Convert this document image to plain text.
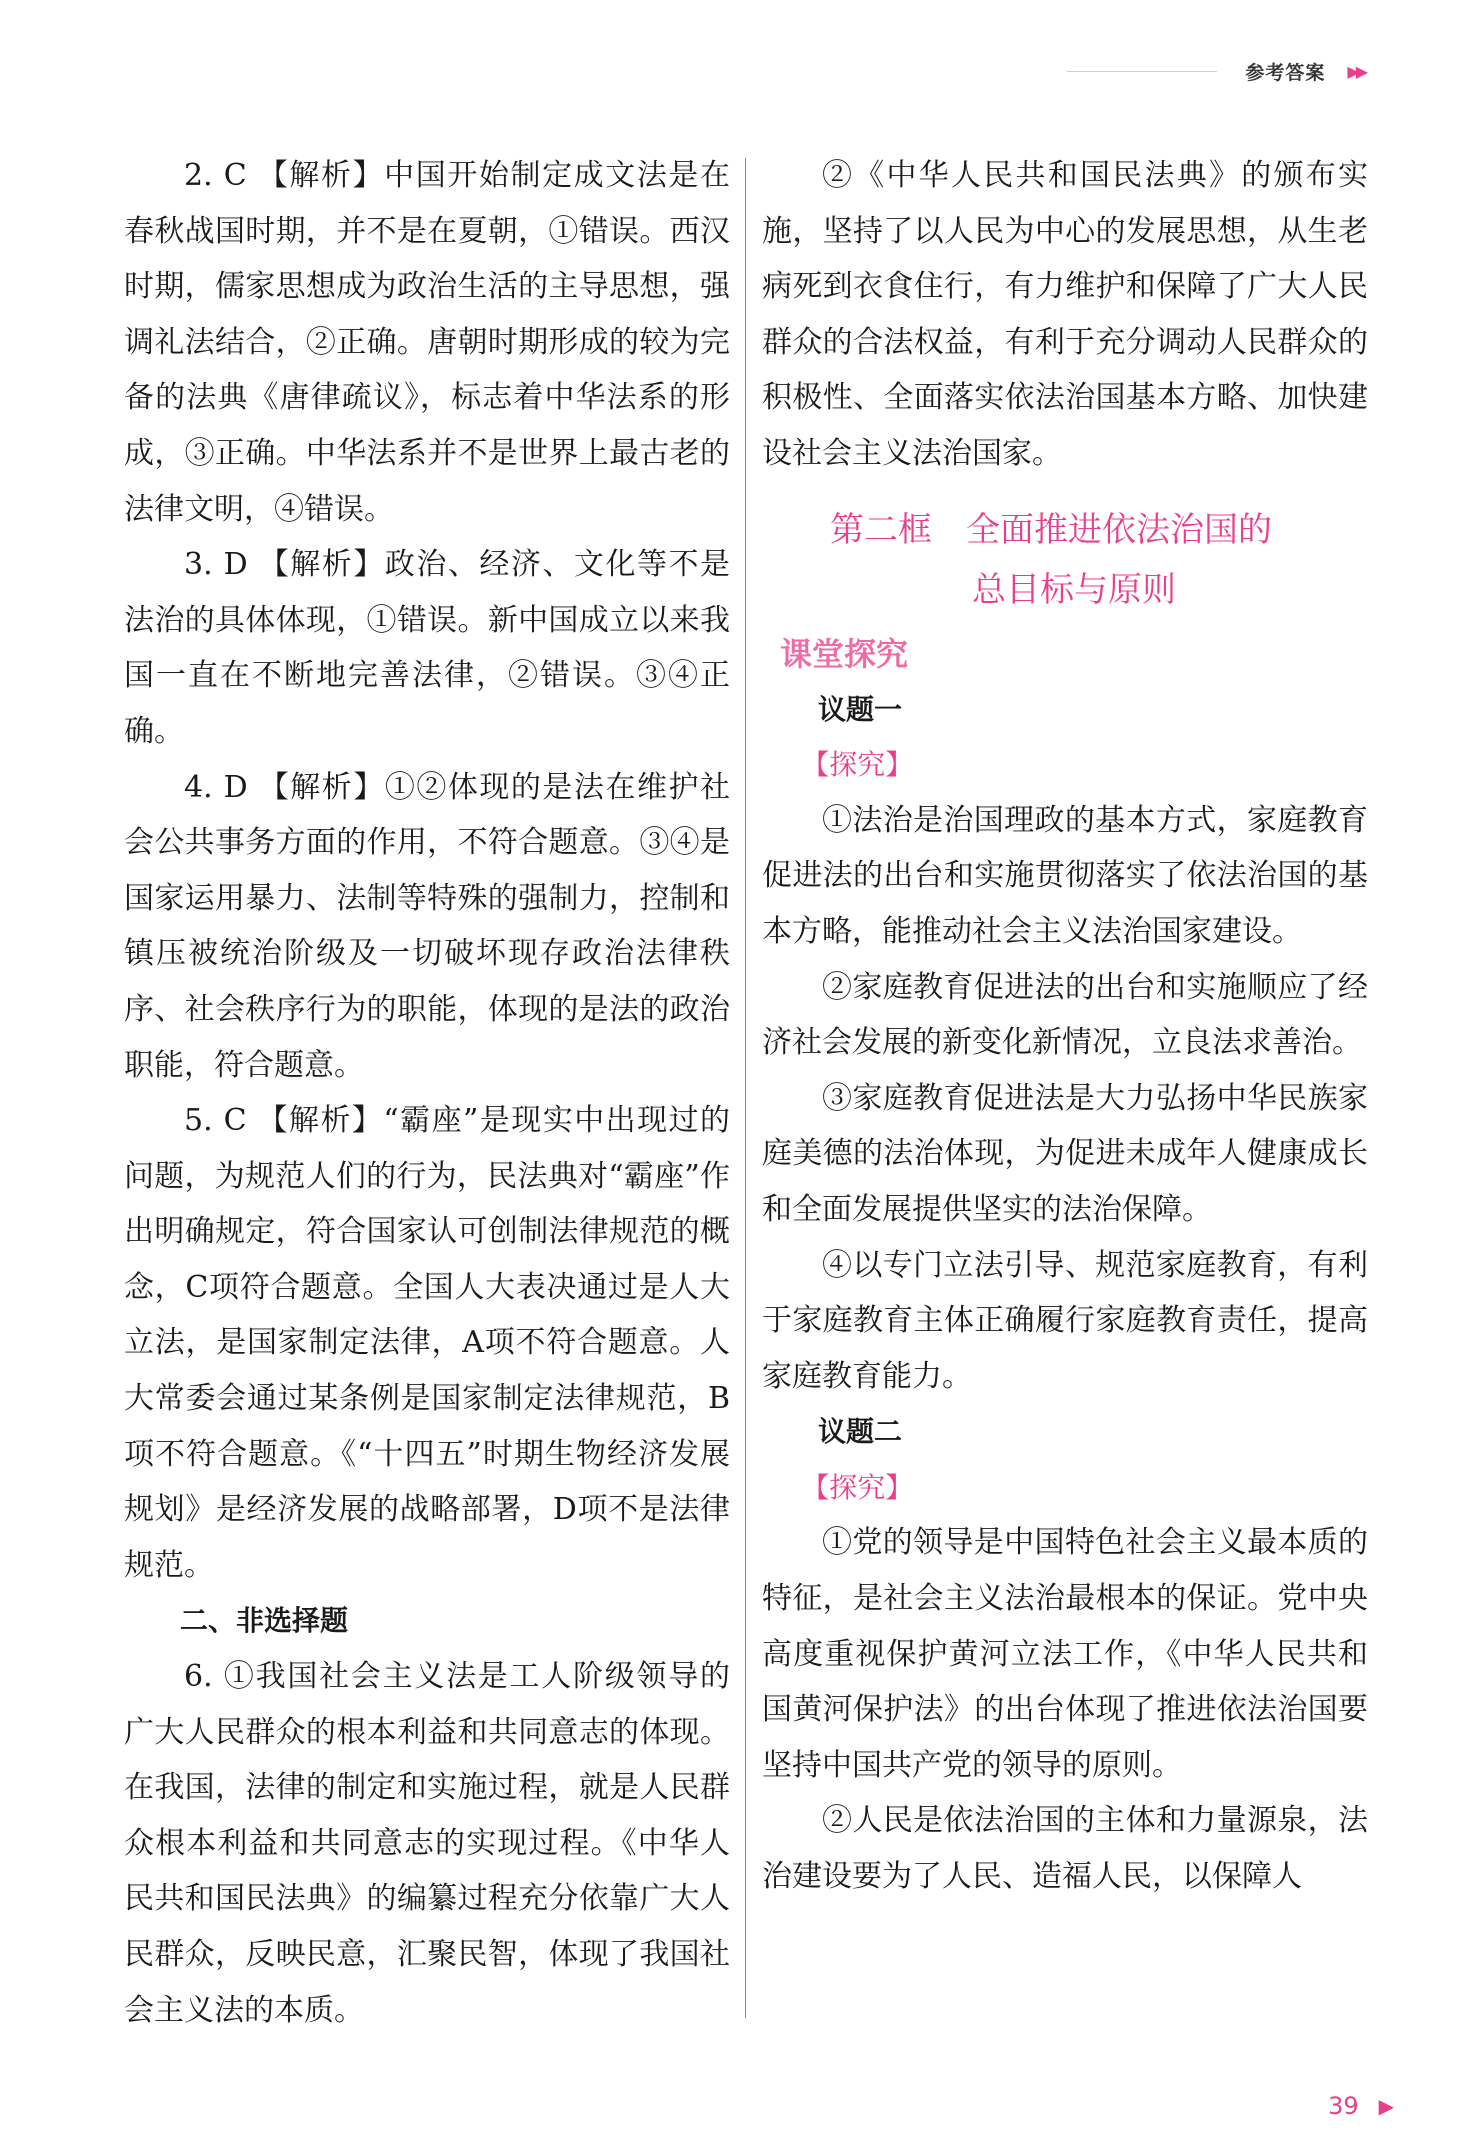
参考答案 ▶▶

2. C 【解析】中国开始制定成文法是在春秋战国时期，并不是在夏朝，①错误。西汉时期，儒家思想成为政治生活的主导思想，强调礼法结合，②正确。唐朝时期形成的较为完备的法典《唐律疏议》，标志着中华法系的形成，③正确。中华法系并不是世界上最古老的法律文明，④错误。

3. D 【解析】政治、经济、文化等不是法治的具体体现，①错误。新中国成立以来我国一直在不断地完善法律，②错误。③④正确。

4. D 【解析】①②体现的是法在维护社会公共事务方面的作用，不符合题意。③④是国家运用暴力、法制等特殊的强制力，控制和镇压被统治阶级及一切破坏现存政治法律秩序、社会秩序行为的职能，体现的是法的政治职能，符合题意。

5. C 【解析】“霸座”是现实中出现过的问题，为规范人们的行为，民法典对“霸座”作出明确规定，符合国家认可创制法律规范的概念，C项符合题意。全国人大表决通过是人大立法，是国家制定法律，A项不符合题意。人大常委会通过某条例是国家制定法律规范，B项不符合题意。《“十四五”时期生物经济发展规划》是经济发展的战略部署，D项不是法律规范。

二、非选择题

6. ①我国社会主义法是工人阶级领导的广大人民群众的根本利益和共同意志的体现。在我国，法律的制定和实施过程，就是人民群众根本利益和共同意志的实现过程。《中华人民共和国民法典》的编纂过程充分依靠广大人民群众，反映民意，汇聚民智，体现了我国社会主义法的本质。

②《中华人民共和国民法典》的颁布实施，坚持了以人民为中心的发展思想，从生老病死到衣食住行，有力维护和保障了广大人民群众的合法权益，有利于充分调动人民群众的积极性、全面落实依法治国基本方略、加快建设社会主义法治国家。

第二框 全面推进依法治国的
总目标与原则
课堂探究
议题一
【探究】

①法治是治国理政的基本方式，家庭教育促进法的出台和实施贯彻落实了依法治国的基本方略，能推动社会主义法治国家建设。

②家庭教育促进法的出台和实施顺应了经济社会发展的新变化新情况，立良法求善治。

③家庭教育促进法是大力弘扬中华民族家庭美德的法治体现，为促进未成年人健康成长和全面发展提供坚实的法治保障。

④以专门立法引导、规范家庭教育，有利于家庭教育主体正确履行家庭教育责任，提高家庭教育能力。

议题二
【探究】

①党的领导是中国特色社会主义最本质的特征，是社会主义法治最根本的保证。党中央高度重视保护黄河立法工作，《中华人民共和国黄河保护法》的出台体现了推进依法治国要坚持中国共产党的领导的原则。

②人民是依法治国的主体和力量源泉，法治建设要为了人民、造福人民，以保障人

39 ▶
